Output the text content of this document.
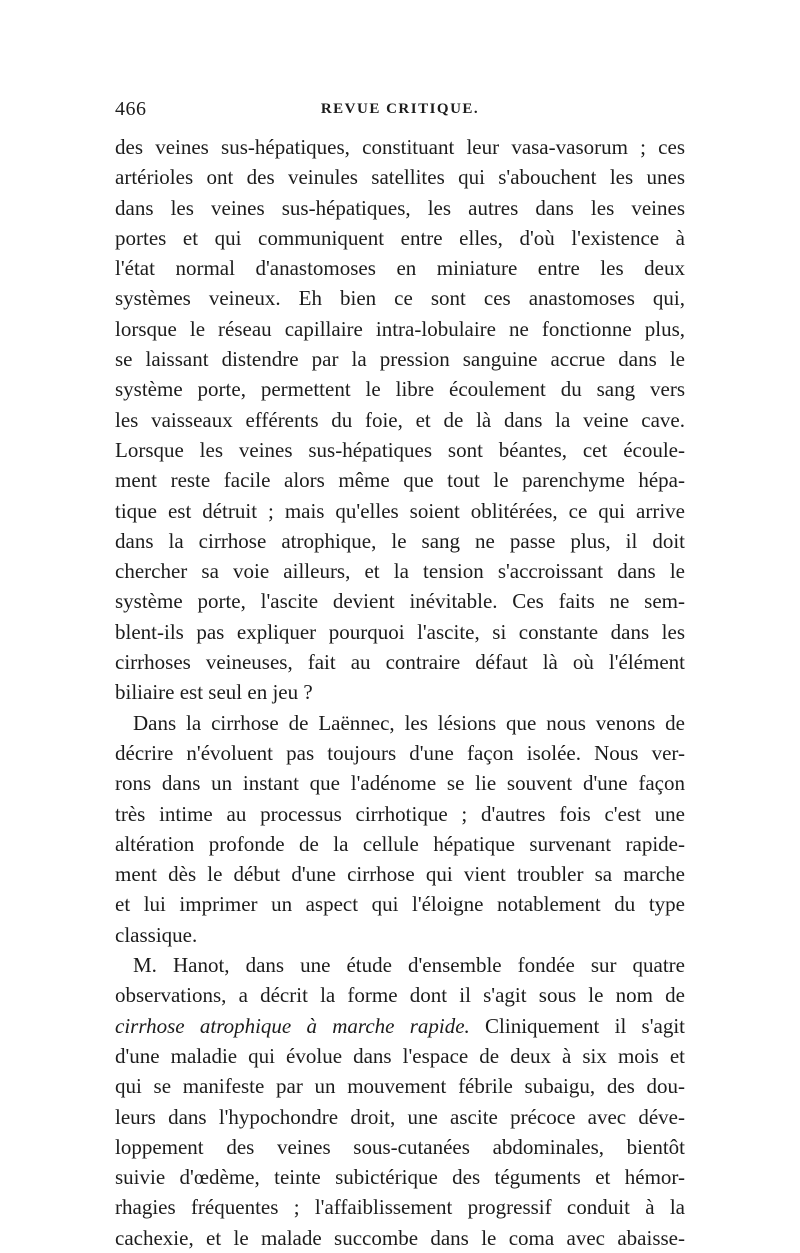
466	REVUE CRITIQUE.
des veines sus-hépatiques, constituant leur vasa-vasorum ; ces
artérioles ont des veinules satellites qui s'abouchent les unes
dans les veines sus-hépatiques, les autres dans les veines
portes et qui communiquent entre elles, d'où l'existence à
l'état normal d'anastomoses en miniature entre les deux
systèmes veineux. Eh bien ce sont ces anastomoses qui,
lorsque le réseau capillaire intra-lobulaire ne fonctionne plus,
se laissant distendre par la pression sanguine accrue dans le
système porte, permettent le libre écoulement du sang vers
les vaisseaux efférents du foie, et de là dans la veine cave.
Lorsque les veines sus-hépatiques sont béantes, cet écoule-
ment reste facile alors même que tout le parenchyme hépa-
tique est détruit ; mais qu'elles soient oblitérées, ce qui arrive
dans la cirrhose atrophique, le sang ne passe plus, il doit
chercher sa voie ailleurs, et la tension s'accroissant dans le
système porte, l'ascite devient inévitable. Ces faits ne sem-
blent-ils pas expliquer pourquoi l'ascite, si constante dans les
cirrhoses veineuses, fait au contraire défaut là où l'élément
biliaire est seul en jeu ?
Dans la cirrhose de Laënnec, les lésions que nous venons de
décrire n'évoluent pas toujours d'une façon isolée. Nous ver-
rons dans un instant que l'adénome se lie souvent d'une façon
très intime au processus cirrhotique ; d'autres fois c'est une
altération profonde de la cellule hépatique survenant rapide-
ment dès le début d'une cirrhose qui vient troubler sa marche
et lui imprimer un aspect qui l'éloigne notablement du type
classique.
M. Hanot, dans une étude d'ensemble fondée sur quatre
observations, a décrit la forme dont il s'agit sous le nom de
cirrhose atrophique à marche rapide. Cliniquement il s'agit
d'une maladie qui évolue dans l'espace de deux à six mois et
qui se manifeste par un mouvement fébrile subaigu, des dou-
leurs dans l'hypochondre droit, une ascite précoce avec déve-
loppement des veines sous-cutanées abdominales, bientôt
suivie d'œdème, teinte subictérique des téguments et hémor-
rhagies fréquentes ; l'affaiblissement progressif conduit à la
cachexie, et le malade succombe dans le coma avec abaisse-
